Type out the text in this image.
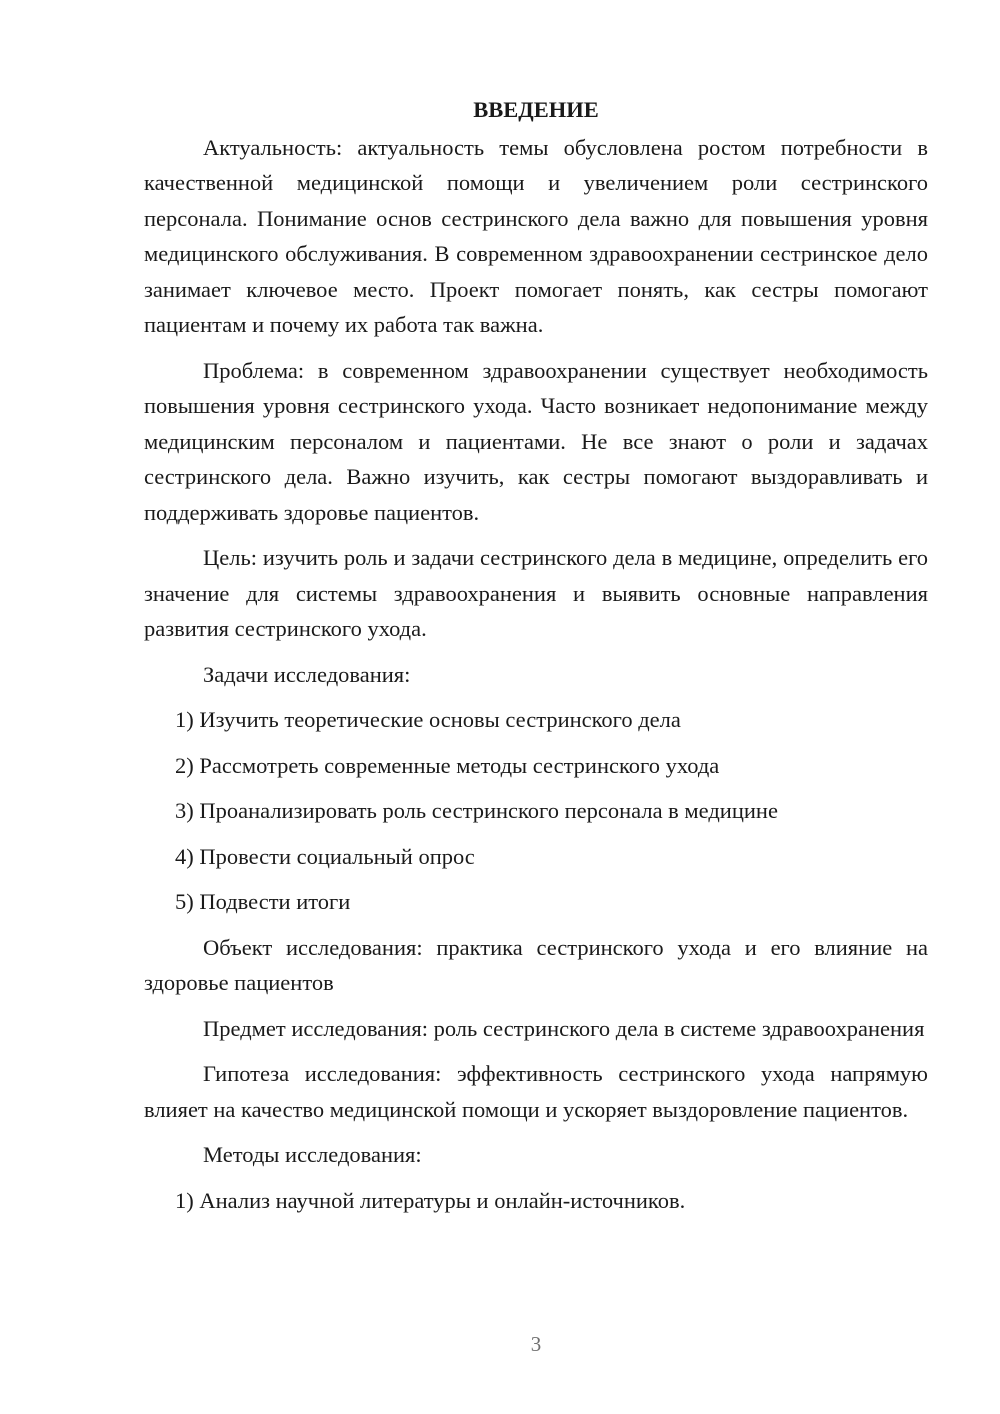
ВВЕДЕНИЕ

Актуальность: актуальность темы обусловлена ростом потребности в качественной медицинской помощи и увеличением роли сестринского персонала. Понимание основ сестринского дела важно для повышения уровня медицинского обслуживания. В современном здравоохранении сестринское дело занимает ключевое место. Проект помогает понять, как сестры помогают пациентам и почему их работа так важна.

Проблема: в современном здравоохранении существует необходимость повышения уровня сестринского ухода. Часто возникает недопонимание между медицинским персоналом и пациентами. Не все знают о роли и задачах сестринского дела. Важно изучить, как сестры помогают выздоравливать и поддерживать здоровье пациентов.

Цель: изучить роль и задачи сестринского дела в медицине, определить его значение для системы здравоохранения и выявить основные направления развития сестринского ухода.

Задачи исследования:

1) Изучить теоретические основы сестринского дела
2) Рассмотреть современные методы сестринского ухода
3) Проанализировать роль сестринского персонала в медицине
4) Провести социальный опрос
5) Подвести итоги

Объект исследования: практика сестринского ухода и его влияние на здоровье пациентов

Предмет исследования: роль сестринского дела в системе здравоохранения

Гипотеза исследования: эффективность сестринского ухода напрямую влияет на качество медицинской помощи и ускоряет выздоровление пациентов.

Методы исследования:

1) Анализ научной литературы и онлайн-источников.
3
